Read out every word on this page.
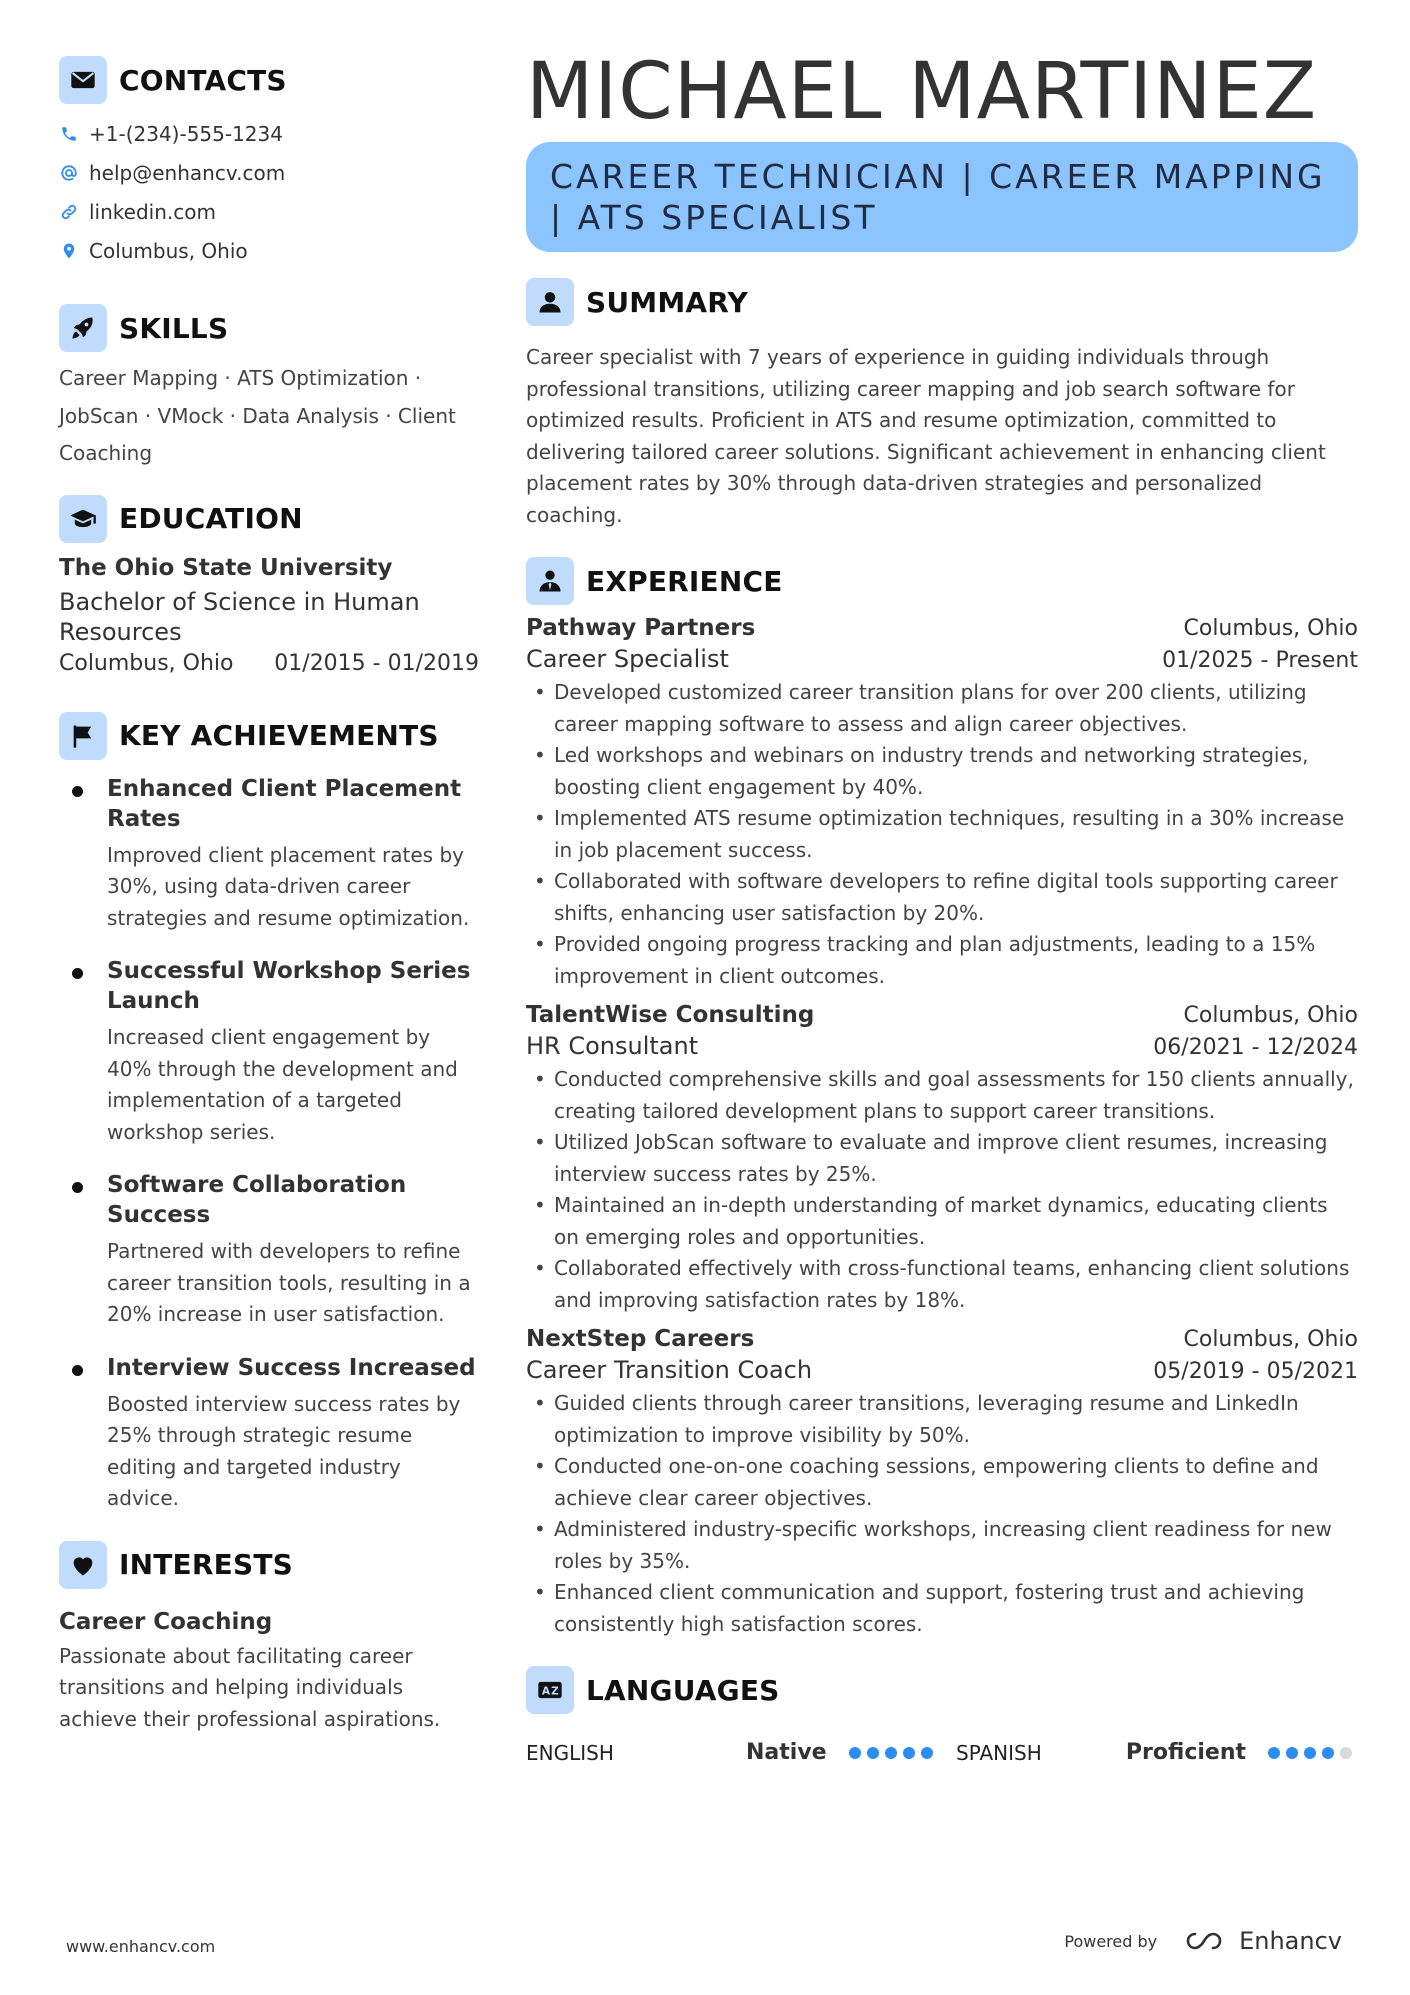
CONTACTS
+1-(234)-555-1234
help@enhancv.com
linkedin.com
Columbus, Ohio
SKILLS
Career Mapping · ATS Optimization · JobScan · VMock · Data Analysis · Client Coaching
EDUCATION
The Ohio State University
Bachelor of Science in Human Resources
Columbus, Ohio 01/2015 - 01/2019
KEY ACHIEVEMENTS
Enhanced Client Placement Rates
Improved client placement rates by 30%, using data-driven career strategies and resume optimization.
Successful Workshop Series Launch
Increased client engagement by 40% through the development and implementation of a targeted workshop series.
Software Collaboration Success
Partnered with developers to refine career transition tools, resulting in a 20% increase in user satisfaction.
Interview Success Increased
Boosted interview success rates by 25% through strategic resume editing and targeted industry advice.
INTERESTS
Career Coaching
Passionate about facilitating career transitions and helping individuals achieve their professional aspirations.
MICHAEL MARTINEZ
CAREER TECHNICIAN | CAREER MAPPING | ATS SPECIALIST
SUMMARY
Career specialist with 7 years of experience in guiding individuals through professional transitions, utilizing career mapping and job search software for optimized results. Proficient in ATS and resume optimization, committed to delivering tailored career solutions. Significant achievement in enhancing client placement rates by 30% through data-driven strategies and personalized coaching.
EXPERIENCE
Pathway Partners	Columbus, Ohio
Career Specialist	01/2025 - Present
• Developed customized career transition plans for over 200 clients, utilizing career mapping software to assess and align career objectives.
• Led workshops and webinars on industry trends and networking strategies, boosting client engagement by 40%.
• Implemented ATS resume optimization techniques, resulting in a 30% increase in job placement success.
• Collaborated with software developers to refine digital tools supporting career shifts, enhancing user satisfaction by 20%.
• Provided ongoing progress tracking and plan adjustments, leading to a 15% improvement in client outcomes.
TalentWise Consulting	Columbus, Ohio
HR Consultant	06/2021 - 12/2024
• Conducted comprehensive skills and goal assessments for 150 clients annually, creating tailored development plans to support career transitions.
• Utilized JobScan software to evaluate and improve client resumes, increasing interview success rates by 25%.
• Maintained an in-depth understanding of market dynamics, educating clients on emerging roles and opportunities.
• Collaborated effectively with cross-functional teams, enhancing client solutions and improving satisfaction rates by 18%.
NextStep Careers	Columbus, Ohio
Career Transition Coach	05/2019 - 05/2021
• Guided clients through career transitions, leveraging resume and LinkedIn optimization to improve visibility by 50%.
• Conducted one-on-one coaching sessions, empowering clients to define and achieve clear career objectives.
• Administered industry-specific workshops, increasing client readiness for new roles by 35%.
• Enhanced client communication and support, fostering trust and achieving consistently high satisfaction scores.
A Z LANGUAGES
ENGLISH	Native	SPANISH	Proficient
www.enhancv.com	Powered by	Enhancv
